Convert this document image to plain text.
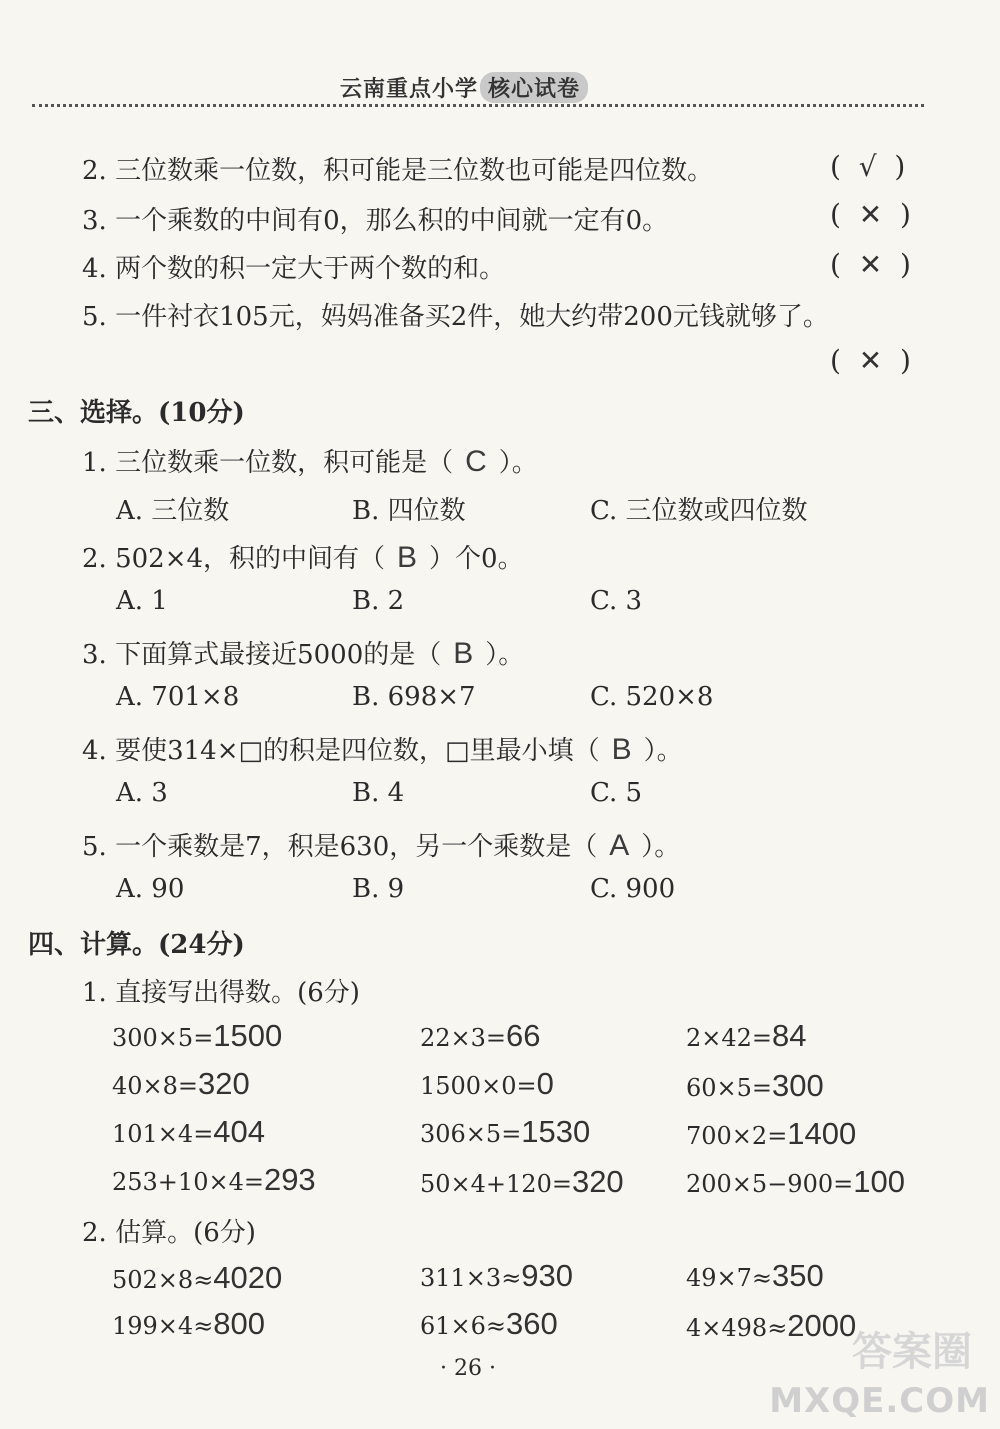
云南重点小学 核心试卷
2. 三位数乘一位数，积可能是三位数也可能是四位数。	(  √  )
3. 一个乘数的中间有0，那么积的中间就一定有0。	(  ✕  )
4. 两个数的积一定大于两个数的和。	(  ✕  )
5. 一件衬衣105元，妈妈准备买2件，她大约带200元钱就够了。
(  ✕  )
三、选择。(10分)
1. 三位数乘一位数，积可能是（ C ）。
A. 三位数	B. 四位数	C. 三位数或四位数
2. 502×4，积的中间有（ B ）个0。
A. 1	B. 2	C. 3
3. 下面算式最接近5000的是（ B ）。
A. 701×8	B. 698×7	C. 520×8
4. 要使314×□的积是四位数，□里最小填（ B ）。
A. 3	B. 4	C. 5
5. 一个乘数是7，积是630，另一个乘数是（ A ）。
A. 90	B. 9	C. 900
四、计算。(24分)
1. 直接写出得数。(6分)
300×5=1500	22×3=66	2×42=84
40×8=320	1500×0=0	60×5=300
101×4=404	306×5=1530	700×2=1400
253+10×4=293	50×4+120=320	200×5−900=100
2. 估算。(6分)
502×8≈4020	311×3≈930	49×7≈350
199×4≈800	61×6≈360	4×498≈2000
· 26 ·	答案圈
MXQE.COM
